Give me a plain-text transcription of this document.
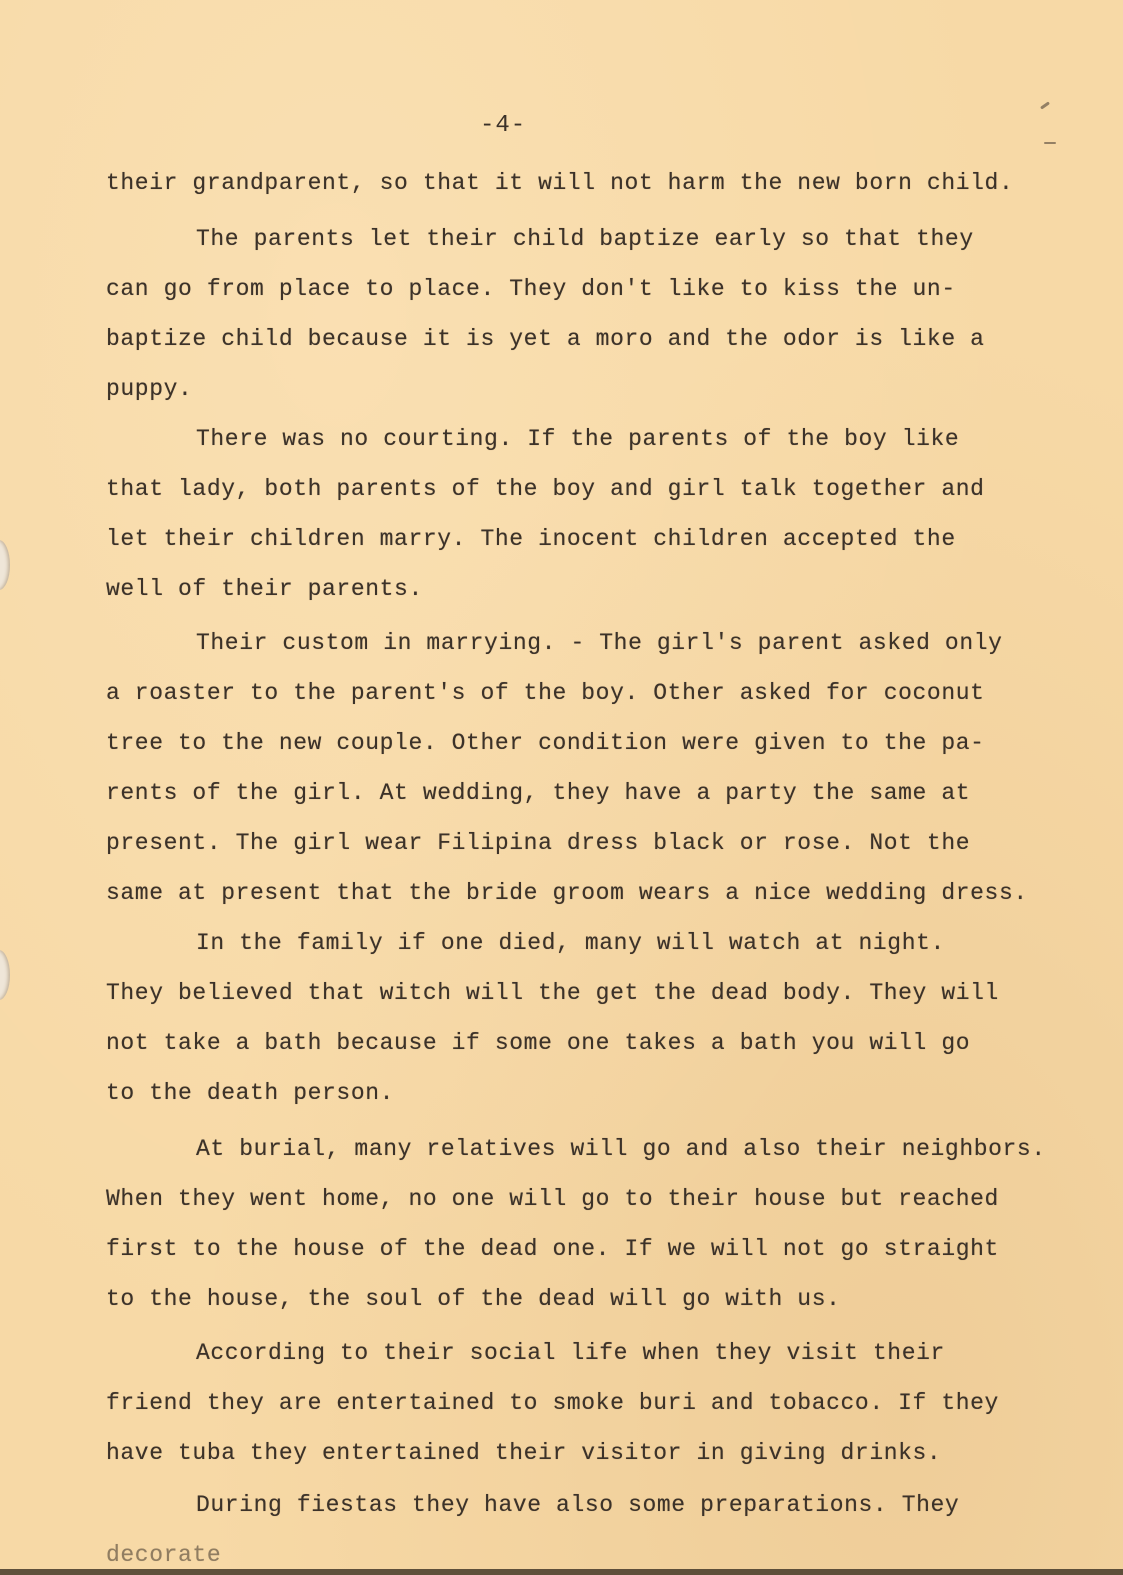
-4-
their grandparent, so that it will not harm the new born child.
The parents let their child baptize early so that they
can go from place to place. They don't like to kiss the un-
baptize child because it is yet a moro and the odor is like a
puppy.
There was no courting. If the parents of the boy like
that lady, both parents of the boy and girl talk together and
let their children marry. The inocent children accepted the
well of their parents.
Their custom in marrying. - The girl's parent asked only
a roaster to the parent's of the boy. Other asked for coconut
tree to the new couple. Other condition were given to the pa-
rents of the girl. At wedding, they have a party the same at
present. The girl wear Filipina dress black or rose. Not the
same at present that the bride groom wears a nice wedding dress.
In the family if one died, many will watch at night.
They believed that witch will the get the dead body. They will
not take a bath because if some one takes a bath you will go
to the death person.
At burial, many relatives will go and also their neighbors.
When they went home, no one will go to their house but reached
first to the house of the dead one. If we will not go straight
to the house, the soul of the dead will go with us.
According to their social life when they visit their
friend they are entertained to smoke buri and tobacco. If they
have tuba they entertained their visitor in giving drinks.
During fiestas they have also some preparations. They
decorate
